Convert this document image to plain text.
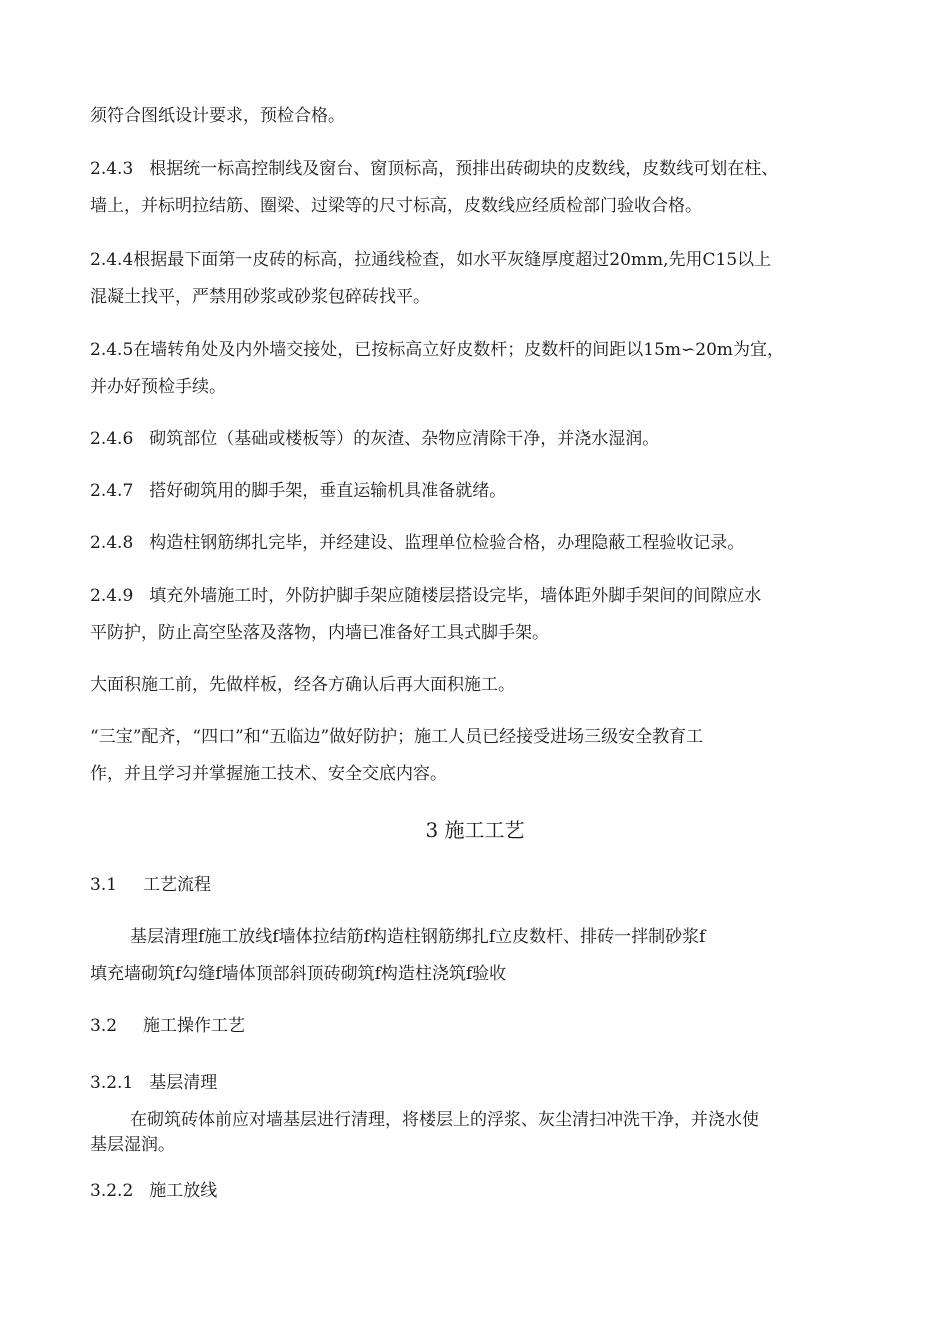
须符合图纸设计要求，预检合格。
2.4.3 根据统一标高控制线及窗台、窗顶标高，预排出砖砌块的皮数线，皮数线可划在柱、
墙上，并标明拉结筋、圈梁、过梁等的尺寸标高，皮数线应经质检部门验收合格。
2.4.4根据最下面第一皮砖的标高，拉通线检查，如水平灰缝厚度超过20mm,先用C15以上
混凝土找平，严禁用砂浆或砂浆包碎砖找平。
2.4.5在墙转角处及内外墙交接处，已按标高立好皮数杆；皮数杆的间距以15m∽20m为宜，
并办好预检手续。
2.4.6 砌筑部位（基础或楼板等）的灰渣、杂物应清除干净，并浇水湿润。
2.4.7 搭好砌筑用的脚手架，垂直运输机具准备就绪。
2.4.8 构造柱钢筋绑扎完毕，并经建设、监理单位检验合格，办理隐蔽工程验收记录。
2.4.9 填充外墙施工时，外防护脚手架应随楼层搭设完毕，墙体距外脚手架间的间隙应水
平防护，防止高空坠落及落物，内墙已准备好工具式脚手架。
大面积施工前，先做样板，经各方确认后再大面积施工。
“三宝”配齐，“四口”和“五临边”做好防护；施工人员已经接受进场三级安全教育工
作，并且学习并掌握施工技术、安全交底内容。
3 施工工艺
3.1 工艺流程
基层清理f施工放线f墙体拉结筋f构造柱钢筋绑扎f立皮数杆、排砖一拌制砂浆f
填充墙砌筑f勾缝f墙体顶部斜顶砖砌筑f构造柱浇筑f验收
3.2 施工操作工艺
3.2.1 基层清理
在砌筑砖体前应对墙基层进行清理，将楼层上的浮浆、灰尘清扫冲洗干净，并浇水使
基层湿润。
3.2.2 施工放线
